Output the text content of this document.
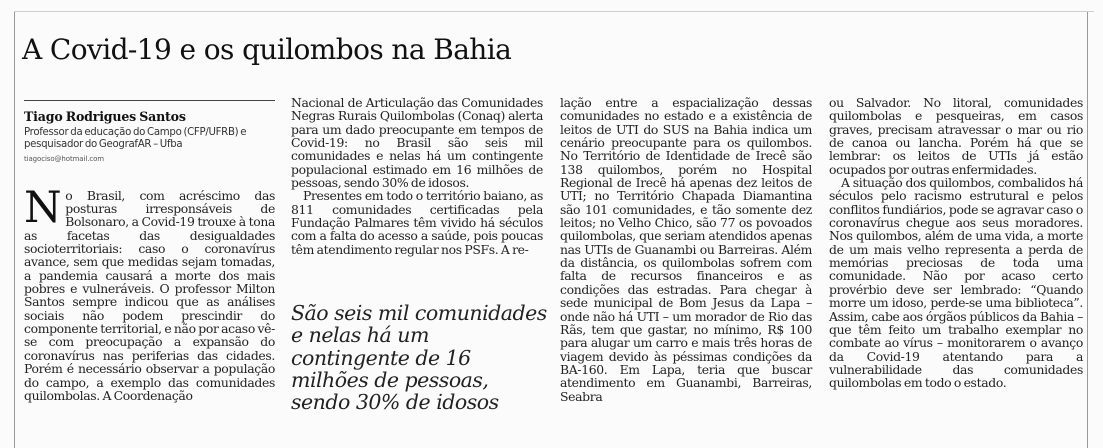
A Covid-19 e os quilombos na Bahia
Tiago Rodrigues Santos
Professor da educação do Campo (CFP/UFRB) e pesquisador do GeografAR – Ufba
tiagociso@hotmail.com

No Brasil, com acréscimo das posturas irresponsáveis de Bolsonaro, a Covid-19 trouxe à tona as facetas das desigualdades socioterritoriais: caso o coronavírus avance, sem que medidas sejam tomadas, a pandemia causará a morte dos mais pobres e vulneráveis. O professor Milton Santos sempre indicou que as análises sociais não podem prescindir do componente territorial, e não por acaso vê-se com preocupação a expansão do coronavírus nas periferias das cidades. Porém é necessário observar a população do campo, a exemplo das comunidades quilombolas. A Coordenação

Nacional de Articulação das Comunidades Negras Rurais Quilombolas (Conaq) alerta para um dado preocupante em tempos de Covid-19: no Brasil são seis mil comunidades e nelas há um contingente populacional estimado em 16 milhões de pessoas, sendo 30% de idosos.

Presentes em todo o território baiano, as 811 comunidades certificadas pela Fundação Palmares têm vivido há séculos com a falta do acesso a saúde, pois poucas têm atendimento regular nos PSFs. A re-

São seis mil comunidades e nelas há um contingente de 16 milhões de pessoas, sendo 30% de idosos

lação entre a espacialização dessas comunidades no estado e a existência de leitos de UTI do SUS na Bahia indica um cenário preocupante para os quilombos. No Território de Identidade de Irecê são 138 quilombos, porém no Hospital Regional de Irecê há apenas dez leitos de UTI; no Território Chapada Diamantina são 101 comunidades, e tão somente dez leitos; no Velho Chico, são 77 os povoados quilombolas, que seriam atendidos apenas nas UTIs de Guanambi ou Barreiras. Além da distância, os quilombolas sofrem com falta de recursos financeiros e as condições das estradas. Para chegar à sede municipal de Bom Jesus da Lapa – onde não há UTI – um morador de Rio das Rãs, tem que gastar, no mínimo, R$ 100 para alugar um carro e mais três horas de viagem devido às péssimas condições da BA-160. Em Lapa, teria que buscar atendimento em Guanambi, Barreiras, Seabra

ou Salvador. No litoral, comunidades quilombolas e pesqueiras, em casos graves, precisam atravessar o mar ou rio de canoa ou lancha. Porém há que se lembrar: os leitos de UTIs já estão ocupados por outras enfermidades.

A situação dos quilombos, combalidos há séculos pelo racismo estrutural e pelos conflitos fundiários, pode se agravar caso o coronavírus chegue aos seus moradores. Nos quilombos, além de uma vida, a morte de um mais velho representa a perda de memórias preciosas de toda uma comunidade. Não por acaso certo provérbio deve ser lembrado: “Quando morre um idoso, perde-se uma biblioteca”. Assim, cabe aos órgãos públicos da Bahia – que têm feito um trabalho exemplar no combate ao vírus – monitorarem o avanço da Covid-19 atentando para a vulnerabilidade das comunidades quilombolas em todo o estado.
